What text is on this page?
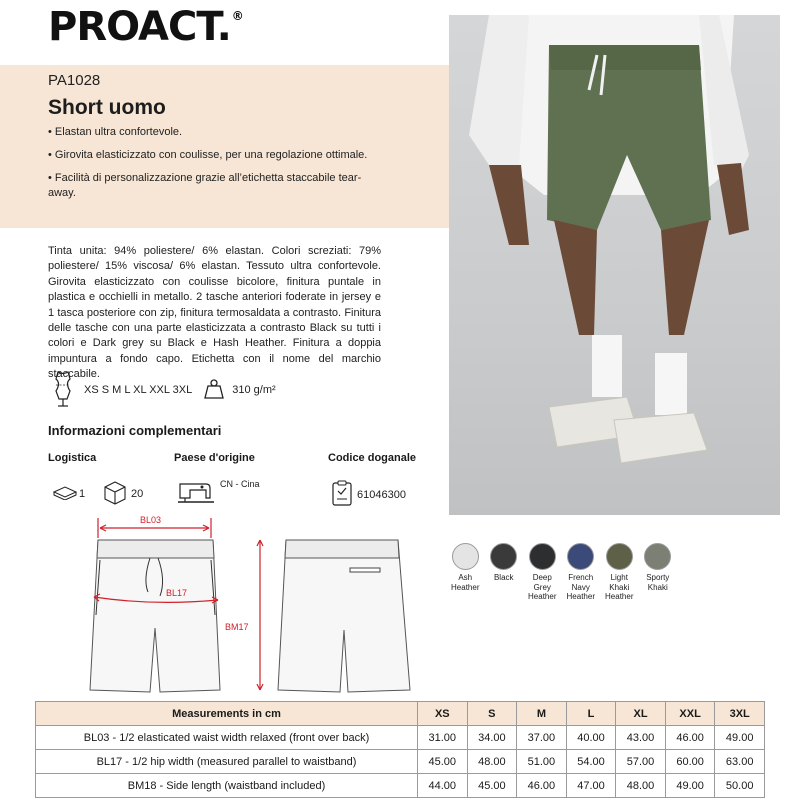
PROACT.®
PA1028
Short uomo
• Elastan ultra confortevole.
• Girovita elasticizzato con coulisse, per una regolazione ottimale.
• Facilità di personalizzazione grazie all’etichetta staccabile tear-away.
Tinta unita: 94% poliestere/ 6% elastan. Colori screziati: 79% poliestere/ 15% viscosa/ 6% elastan. Tessuto ultra confortevole. Girovita elasticizzato con coulisse bicolore, finitura puntale in plastica e occhielli in metallo. 2 tasche anteriori foderate in jersey e 1 tasca posteriore con zip, finitura termosaldata a contrasto. Finitura delle tasche con una parte elasticizzata a contrasto Black su tutti i colori e Dark grey su Black e Hash Heather. Finitura a doppia impuntura a fondo capo. Etichetta con il nome del marchio staccabile.
XS S M L XL XXL 3XL	310 g/m²
Informazioni complementari
Logistica	Paese d'origine	Codice doganale
1	20
CN - Cina
61046300
BL03
BL17
BM17
Ash Heather
Black	Deep Grey Heather
French Navy Heather
Light Khaki Heather
Sporty Khaki
Measurements in cm	XS	S	M	L	XL	XXL	3XL
BL03 - 1/2 elasticated waist width relaxed (front over back)	31.00	34.00	37.00	40.00	43.00	46.00	49.00
BL17 - 1/2 hip width (measured parallel to waistband)	45.00	48.00	51.00	54.00	57.00	60.00	63.00
BM18 - Side length (waistband included)	44.00	45.00	46.00	47.00	48.00	49.00	50.00
